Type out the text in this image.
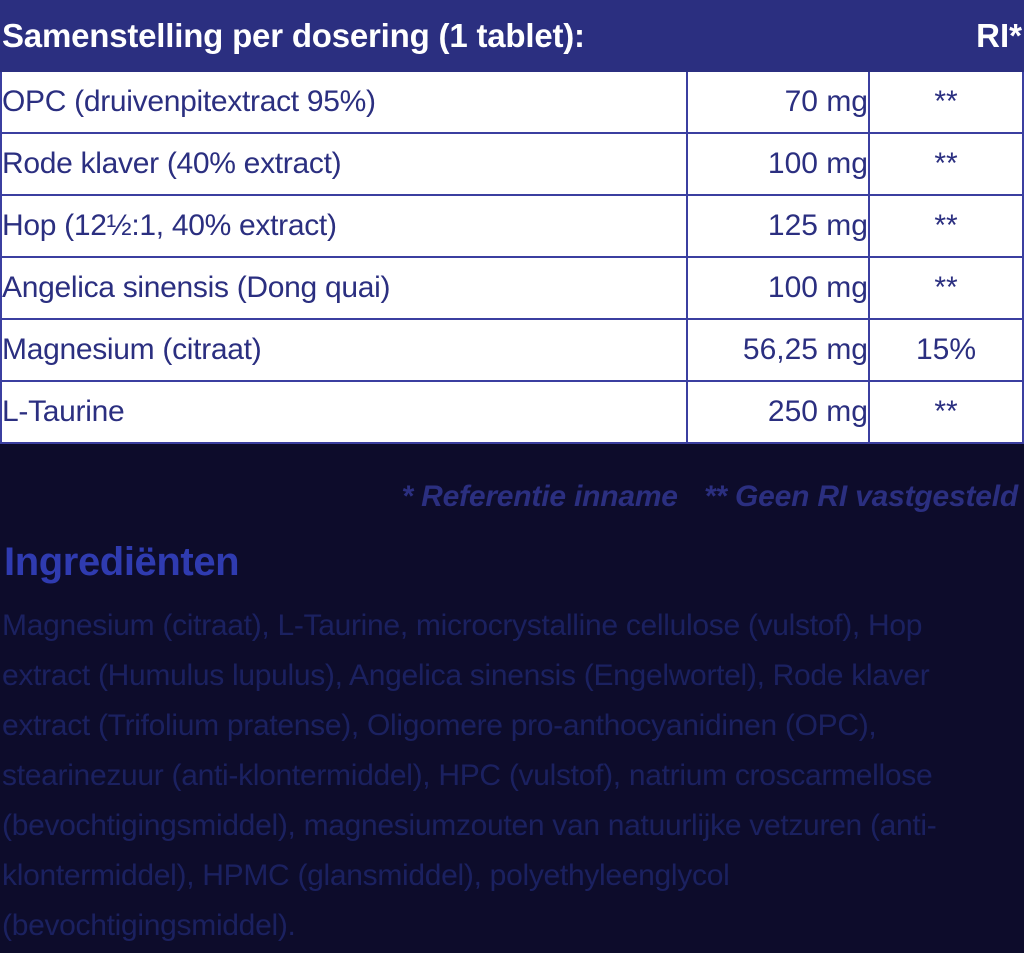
Samenstelling per dosering (1 tablet):		RI*
OPC (druivenpitextract 95%)	70 mg	**
Rode klaver (40% extract)	100 mg	**
Hop (12½:1, 40% extract)	125 mg	**
Angelica sinensis (Dong quai)	100 mg	**
Magnesium (citraat)	56,25 mg	15%
L-Taurine	250 mg	**
* Referentie inname ** Geen RI vastgesteld
Ingrediënten
Magnesium (citraat), L-Taurine, microcrystalline cellulose (vulstof), Hop extract (Humulus lupulus), Angelica sinensis (Engelwortel), Rode klaver extract (Trifolium pratense), Oligomere pro-anthocyanidinen (OPC), stearinezuur (anti-klontermiddel), HPC (vulstof), natrium croscarmellose (bevochtigingsmiddel), magnesiumzouten van natuurlijke vetzuren (anti-klontermiddel), HPMC (glansmiddel), polyethyleenglycol (bevochtigingsmiddel).
